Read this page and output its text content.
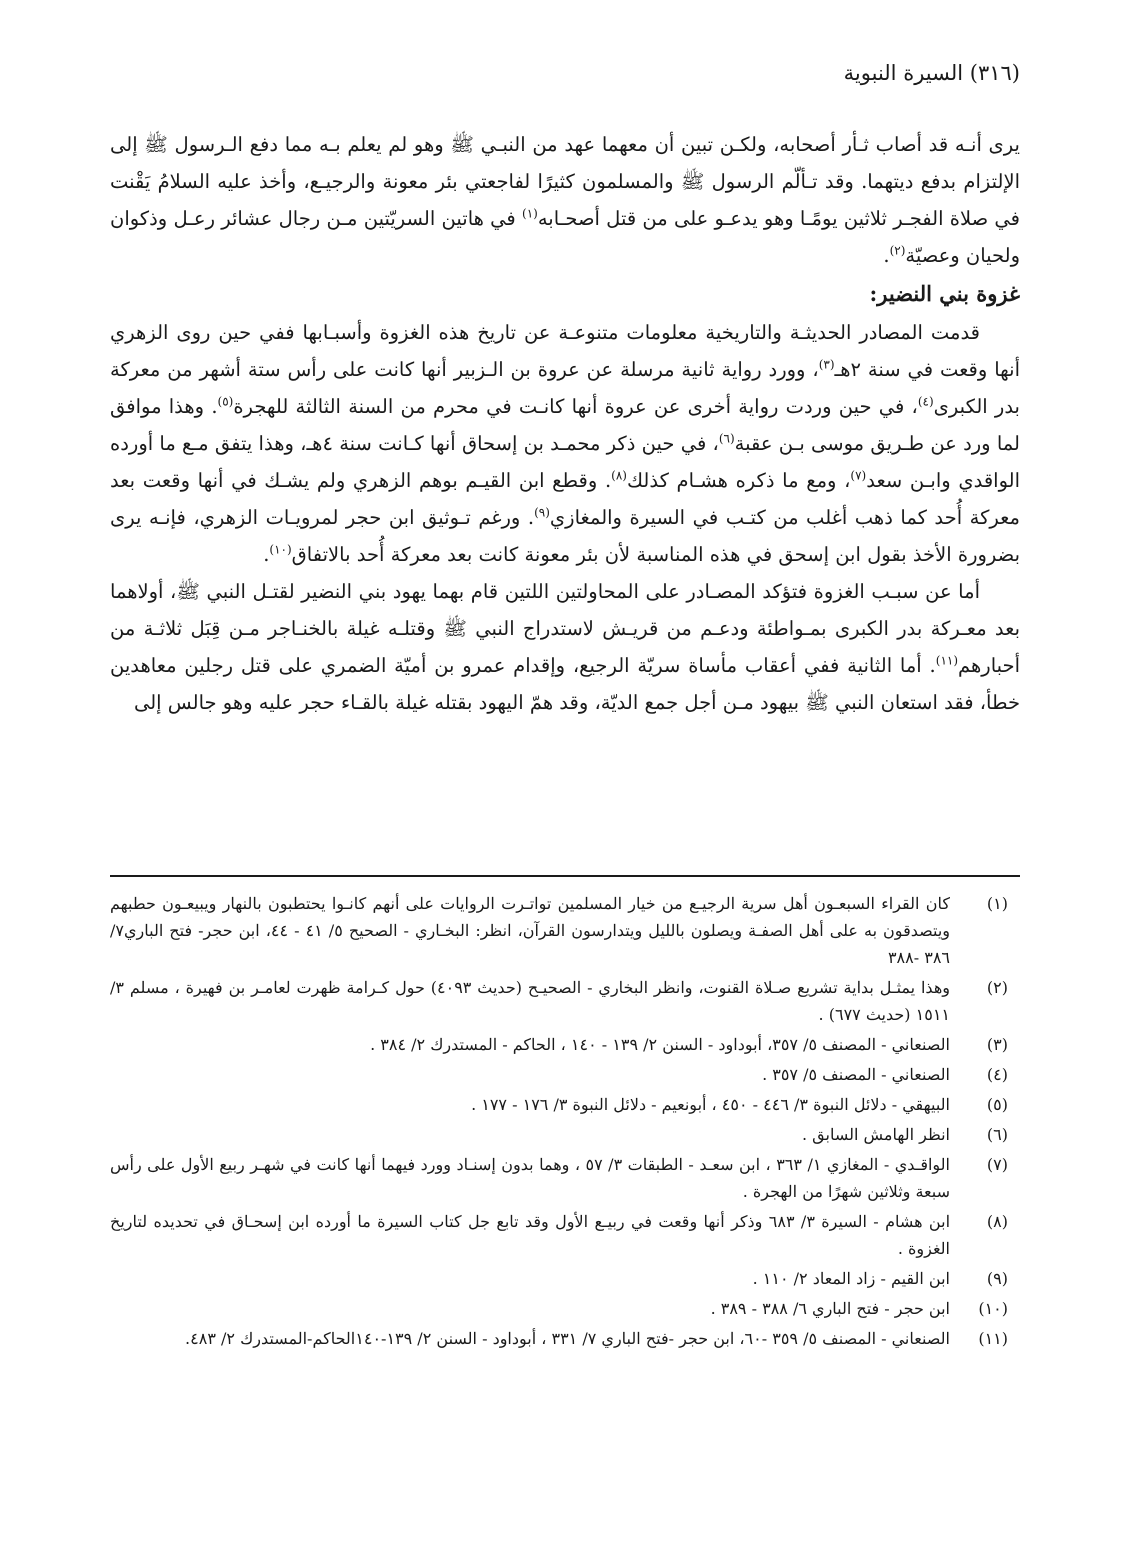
(٣١٦) السيرة النبوية

يرى أنـه قد أصاب ثـأر أصحابه، ولكـن تبين أن معهما عهد من النبـي ﷺ وهو لم يعلم بـه مما دفع الـرسول ﷺ إلى الإلتزام بدفع ديتهما. وقد تـألّم الرسول ﷺ والمسلمون كثيرًا لفاجعتي بئر معونة والرجيـع، وأخذ عليه السلامُ يَقْنت في صلاة الفجـر ثلاثين يومًـا وهو يدعـو على من قتل أصحـابه$^{(١)}$ في هاتين السريّتين مـن رجال عشائر رعـل وذكوان ولحيان وعصيّة$^{(٢)}$.

غزوة بني النضير:

قدمت المصادر الحديثـة والتاريخية معلومات متنوعـة عن تاريخ هذه الغزوة وأسبـابها ففي حين روى الزهري أنها وقعت في سنة ٢هـ$^{(٣)}$، وورد رواية ثانية مرسلة عن عروة بن الـزبير أنها كانت على رأس ستة أشهر من معركة بدر الكبرى$^{(٤)}$، في حين وردت رواية أخرى عن عروة أنها كانـت في محرم من السنة الثالثة للهجرة$^{(٥)}$. وهذا موافق لما ورد عن طـريق موسى بـن عقبة$^{(٦)}$، في حين ذكر محمـد بن إسحاق أنها كـانت سنة ٤هـ، وهذا يتفق مـع ما أورده الواقدي وابـن سعد$^{(٧)}$، ومع ما ذكره هشـام كذلك$^{(٨)}$. وقطع ابن القيـم بوهم الزهري ولم يشـك في أنها وقعت بعد معركة أُحد كما ذهب أغلب من كتـب في السيرة والمغازي$^{(٩)}$. ورغم تـوثيق ابن حجر لمرويـات الزهري، فإنـه يرى بضرورة الأخذ بقول ابن إسحق في هذه المناسبة لأن بئر معونة كانت بعد معركة أُحد بالاتفاق$^{(١٠)}$.

أما عن سبـب الغزوة فتؤكد المصـادر على المحاولتين اللتين قام بهما يهود بني النضير لقتـل النبي ﷺ، أولاهما بعد معـركة بدر الكبرى بمـواطئة ودعـم من قريـش لاستدراج النبي ﷺ وقتلـه غيلة بالخنـاجر مـن قِبَل ثلاثـة من أحبارهم$^{(١١)}$. أما الثانية ففي أعقاب مأساة سريّة الرجيع، وإقدام عمرو بن أميّة الضمري على قتل رجلين معاهدين خطأ، فقد استعان النبي ﷺ بيهود مـن أجل جمع الديّة، وقد همّ اليهود بقتله غيلة بالقـاء حجر عليه وهو جالس إلى

(١)
كان القراء السبعـون أهل سرية الرجيـع من خيار المسلمين تواتـرت الروايات على أنهم كانـوا يحتطبون بالنهار ويبيعـون حطبهم ويتصدقون به على أهل الصفـة ويصلون بالليل ويتدارسون القرآن، انظر: البخـاري - الصحيح ٥/ ٤١ - ٤٤، ابن حجر- فتح الباري٧/ ٣٨٦ -٣٨٨
(٢)
وهذا يمثـل بداية تشريع صـلاة القنوت، وانظر البخاري - الصحيـح (حديث ٤٠٩٣) حول كـرامة ظهرت لعامـر بن فهيرة ، مسلم ٣/ ١٥١١ (حديث ٦٧٧) .
(٣)
الصنعاني - المصنف ٥/ ٣٥٧، أبوداود - السنن ٢/ ١٣٩ - ١٤٠ ، الحاكم - المستدرك ٢/ ٣٨٤ .
(٤)
الصنعاني - المصنف ٥/ ٣٥٧ .
(٥)
البيهقي - دلائل النبوة ٣/ ٤٤٦ - ٤٥٠ ، أبونعيم - دلائل النبوة ٣/ ١٧٦ - ١٧٧ .
(٦)
انظر الهامش السابق .
(٧)
الواقـدي - المغازي ١/ ٣٦٣ ، ابن سعـد - الطبقات ٣/ ٥٧ ، وهما بدون إسنـاد وورد فيهما أنها كانت في شهـر ربيع الأول على رأس سبعة وثلاثين شهرًا من الهجرة .
(٨)
ابن هشام - السيرة ٣/ ٦٨٣ وذكر أنها وقعت في ربيـع الأول وقد تابع جل كتاب السيرة ما أورده ابن إسحـاق في تحديده لتاريخ الغزوة .
(٩)
ابن القيم - زاد المعاد ٢/ ١١٠ .
(١٠)
ابن حجر - فتح الباري ٦/ ٣٨٨ - ٣٨٩ .
(١١)
الصنعاني - المصنف ٥/ ٣٥٩ -٦٠، ابن حجر -فتح الباري ٧/ ٣٣١ ، أبوداود - السنن ٢/ ١٣٩-١٤٠الحاكم-المستدرك ٢/ ٤٨٣.
